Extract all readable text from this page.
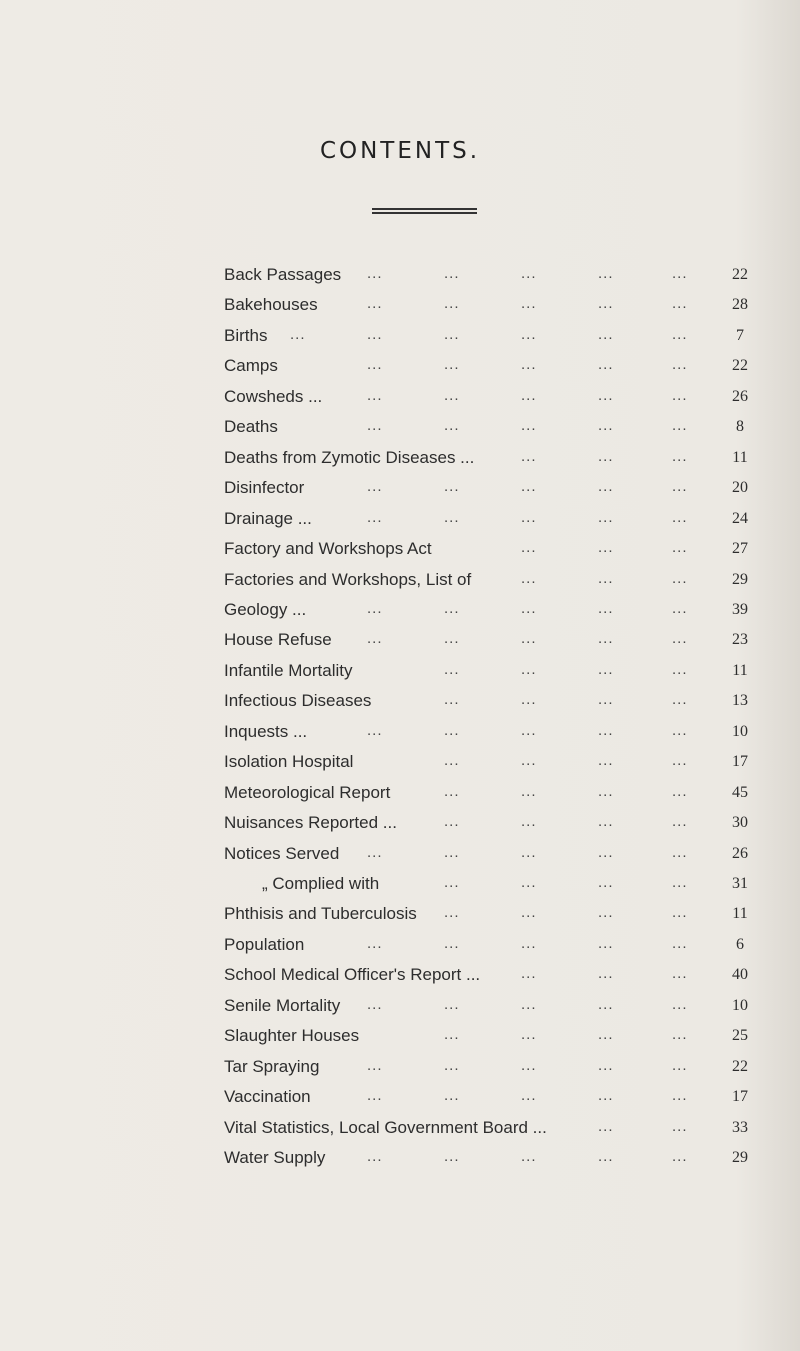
CONTENTS.
Back Passages	22
...	...	...	...	...
Bakehouses	28
...	...	...	...	...
Births	7
...	...	...	...	...	...
Camps	22
...	...	...	...	...
Cowsheds ...	26
...	...	...	...	...
Deaths	8
...	...	...	...	...
Deaths from Zymotic Diseases ...	11
...	...	...
Disinfector	20
...	...	...	...	...
Drainage ...	24
...	...	...	...	...
Factory and Workshops Act	27
...	...	...
Factories and Workshops, List of	29
...	...	...
Geology ...	39
...	...	...	...	...
House Refuse	23
...	...	...	...	...
Infantile Mortality	11
...	...	...	...
Infectious Diseases	13
...	...	...	...
Inquests ...	10
...	...	...	...	...
Isolation Hospital	17
...	...	...	...
Meteorological Report	45
...	...	...	...
Nuisances Reported ...	30
...	...	...	...
Notices Served	26
...	...	...	...	...
„ Complied with	31
...	...	...	...
Phthisis and Tuberculosis	11
...	...	...	...
Population	6
...	...	...	...	...
School Medical Officer's Report ...	40
...	...	...
Senile Mortality	10
...	...	...	...	...
Slaughter Houses	25
...	...	...	...
Tar Spraying	22
...	...	...	...	...
Vaccination	17
...	...	...	...	...
Vital Statistics, Local Government Board ...	33
...	...
Water Supply	29
...	...	...	...	...
